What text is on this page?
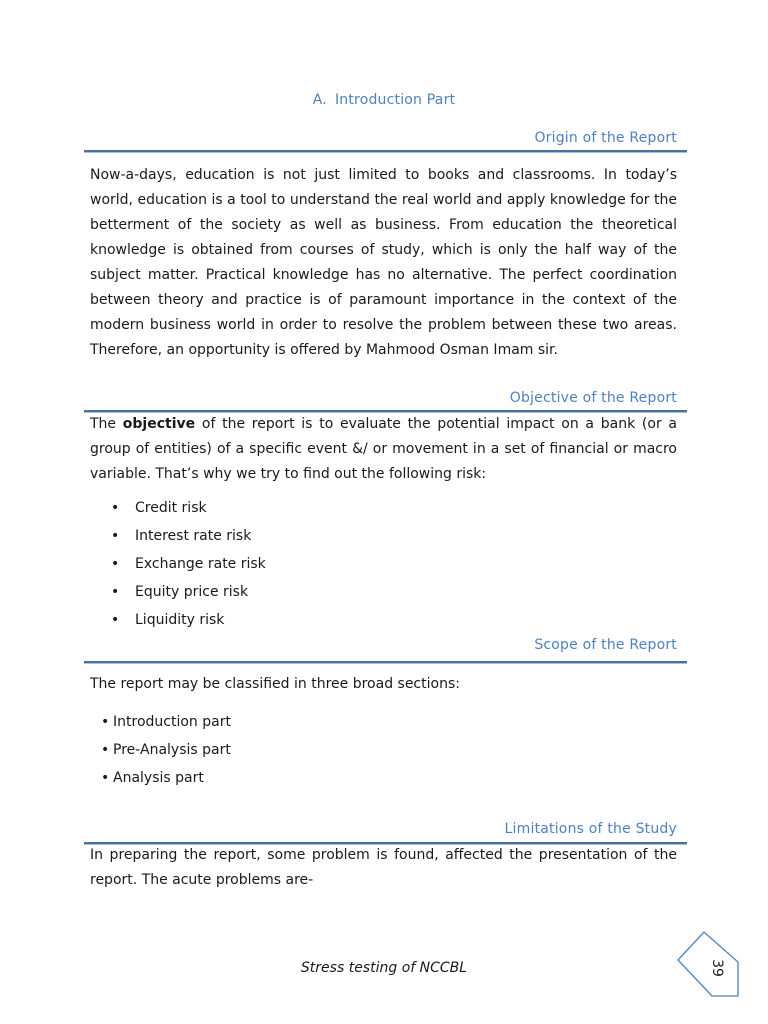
A. Introduction Part
Origin of the Report

Now-a-days, education is not just limited to books and classrooms. In today’s world, education is a tool to understand the real world and apply knowledge for the betterment of the society as well as business. From education the theoretical knowledge is obtained from courses of study, which is only the half way of the subject matter. Practical knowledge has no alternative. The perfect coordination between theory and practice is of paramount importance in the context of the modern business world in order to resolve the problem between these two areas. Therefore, an opportunity is offered by Mahmood Osman Imam sir.

Objective of the Report

The objective of the report is to evaluate the potential impact on a bank (or a group of entities) of a specific event &/ or movement in a set of financial or macro variable. That’s why we try to find out the following risk:

• Credit risk
• Interest rate risk
• Exchange rate risk
• Equity price risk
• Liquidity risk
Scope of the Report

The report may be classified in three broad sections:

• Introduction part
• Pre-Analysis part
• Analysis part
Limitations of the Study

In preparing the report, some problem is found, affected the presentation of the report. The acute problems are-

Stress testing of NCCBL	39
